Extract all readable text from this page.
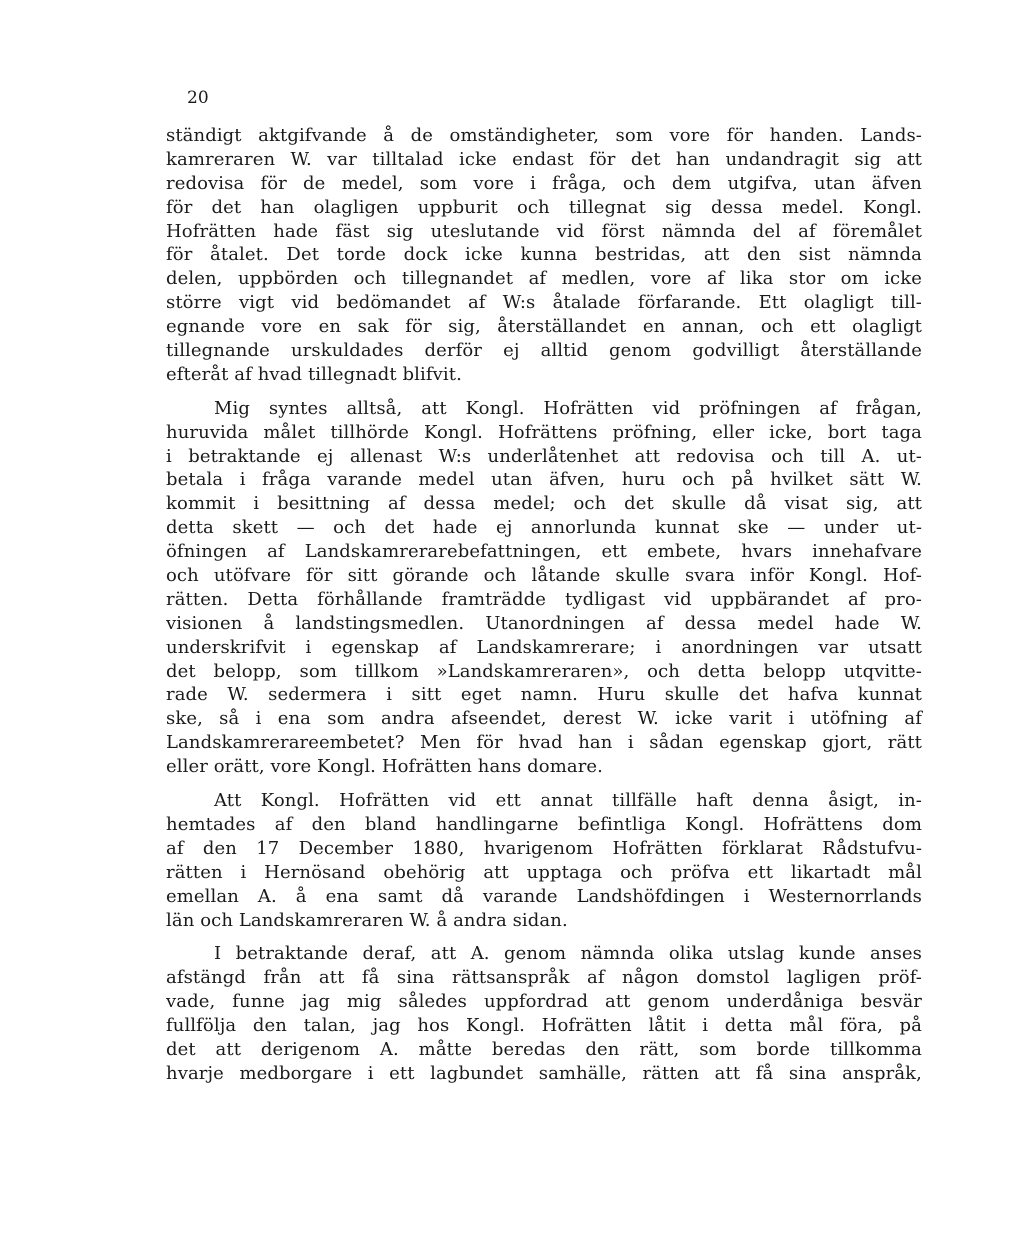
20
ständigt aktgifvande å de omständigheter, som vore för handen. Lands-
kamreraren W. var tilltalad icke endast för det han undandragit sig att
redovisa för de medel, som vore i fråga, och dem utgifva, utan äfven
för det han olagligen uppburit och tillegnat sig dessa medel. Kongl.
Hofrätten hade fäst sig uteslutande vid först nämnda del af föremålet
för åtalet. Det torde dock icke kunna bestridas, att den sist nämnda
delen, uppbörden och tillegnandet af medlen, vore af lika stor om icke
större vigt vid bedömandet af W:s åtalade förfarande. Ett olagligt till-
egnande vore en sak för sig, återställandet en annan, och ett olagligt
tillegnande urskuldades derför ej alltid genom godvilligt återställande
efteråt af hvad tillegnadt blifvit.
Mig syntes alltså, att Kongl. Hofrätten vid pröfningen af frågan,
huruvida målet tillhörde Kongl. Hofrättens pröfning, eller icke, bort taga
i betraktande ej allenast W:s underlåtenhet att redovisa och till A. ut-
betala i fråga varande medel utan äfven, huru och på hvilket sätt W.
kommit i besittning af dessa medel; och det skulle då visat sig, att
detta skett — och det hade ej annorlunda kunnat ske — under ut-
öfningen af Landskamrerarebefattningen, ett embete, hvars innehafvare
och utöfvare för sitt görande och låtande skulle svara inför Kongl. Hof-
rätten. Detta förhållande framträdde tydligast vid uppbärandet af pro-
visionen å landstingsmedlen. Utanordningen af dessa medel hade W.
underskrifvit i egenskap af Landskamrerare; i anordningen var utsatt
det belopp, som tillkom »Landskamreraren», och detta belopp utqvitte-
rade W. sedermera i sitt eget namn. Huru skulle det hafva kunnat
ske, så i ena som andra afseendet, derest W. icke varit i utöfning af
Landskamrerareembetet? Men för hvad han i sådan egenskap gjort, rätt
eller orätt, vore Kongl. Hofrätten hans domare.
Att Kongl. Hofrätten vid ett annat tillfälle haft denna åsigt, in-
hemtades af den bland handlingarne befintliga Kongl. Hofrättens dom
af den 17 December 1880, hvarigenom Hofrätten förklarat Rådstufvu-
rätten i Hernösand obehörig att upptaga och pröfva ett likartadt mål
emellan A. å ena samt då varande Landshöfdingen i Westernorrlands
län och Landskamreraren W. å andra sidan.
I betraktande deraf, att A. genom nämnda olika utslag kunde anses
afstängd från att få sina rättsanspråk af någon domstol lagligen pröf-
vade, funne jag mig således uppfordrad att genom underdåniga besvär
fullfölja den talan, jag hos Kongl. Hofrätten låtit i detta mål föra, på
det att derigenom A. måtte beredas den rätt, som borde tillkomma
hvarje medborgare i ett lagbundet samhälle, rätten att få sina anspråk,
